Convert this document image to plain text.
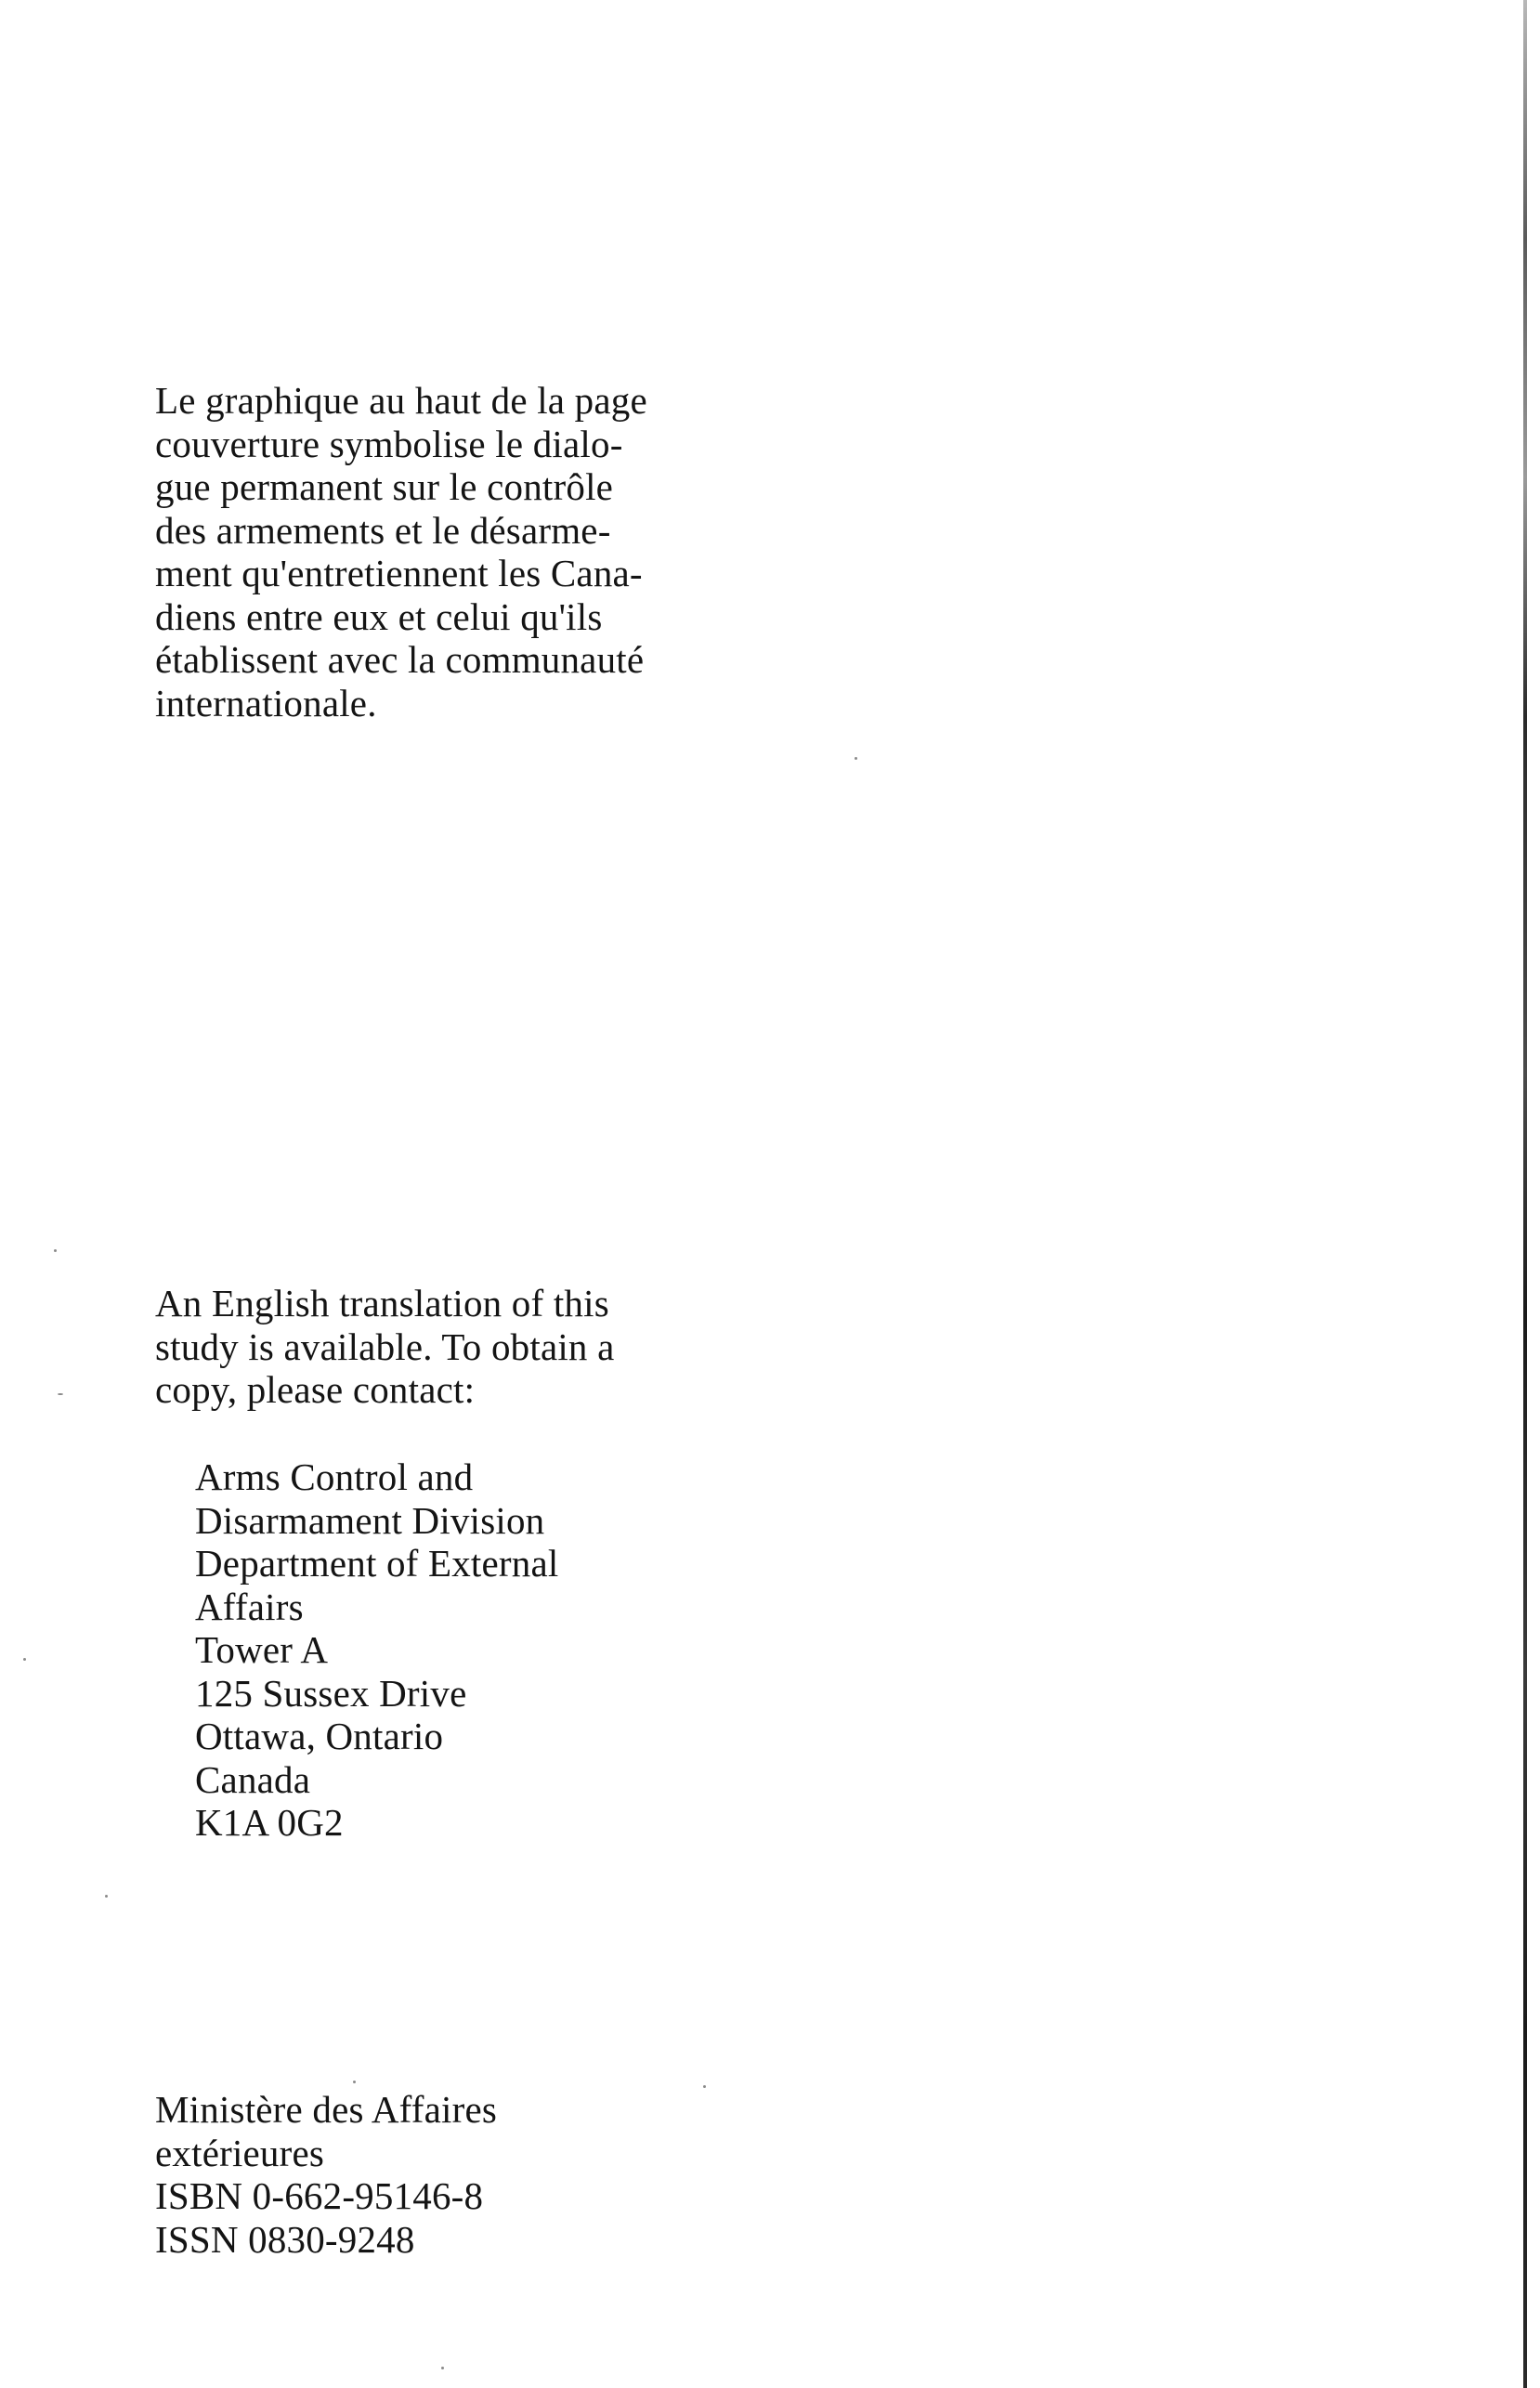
Le graphique au haut de la page
couverture symbolise le dialo-
gue permanent sur le contrôle
des armements et le désarme-
ment qu'entretiennent les Cana-
diens entre eux et celui qu'ils
établissent avec la communauté
internationale.
An English translation of this
study is available. To obtain a
copy, please contact:
Arms Control and
Disarmament Division
Department of External
Affairs
Tower A
125 Sussex Drive
Ottawa, Ontario
Canada
K1A 0G2
Ministère des Affaires
extérieures
ISBN 0-662-95146-8
ISSN 0830-9248
